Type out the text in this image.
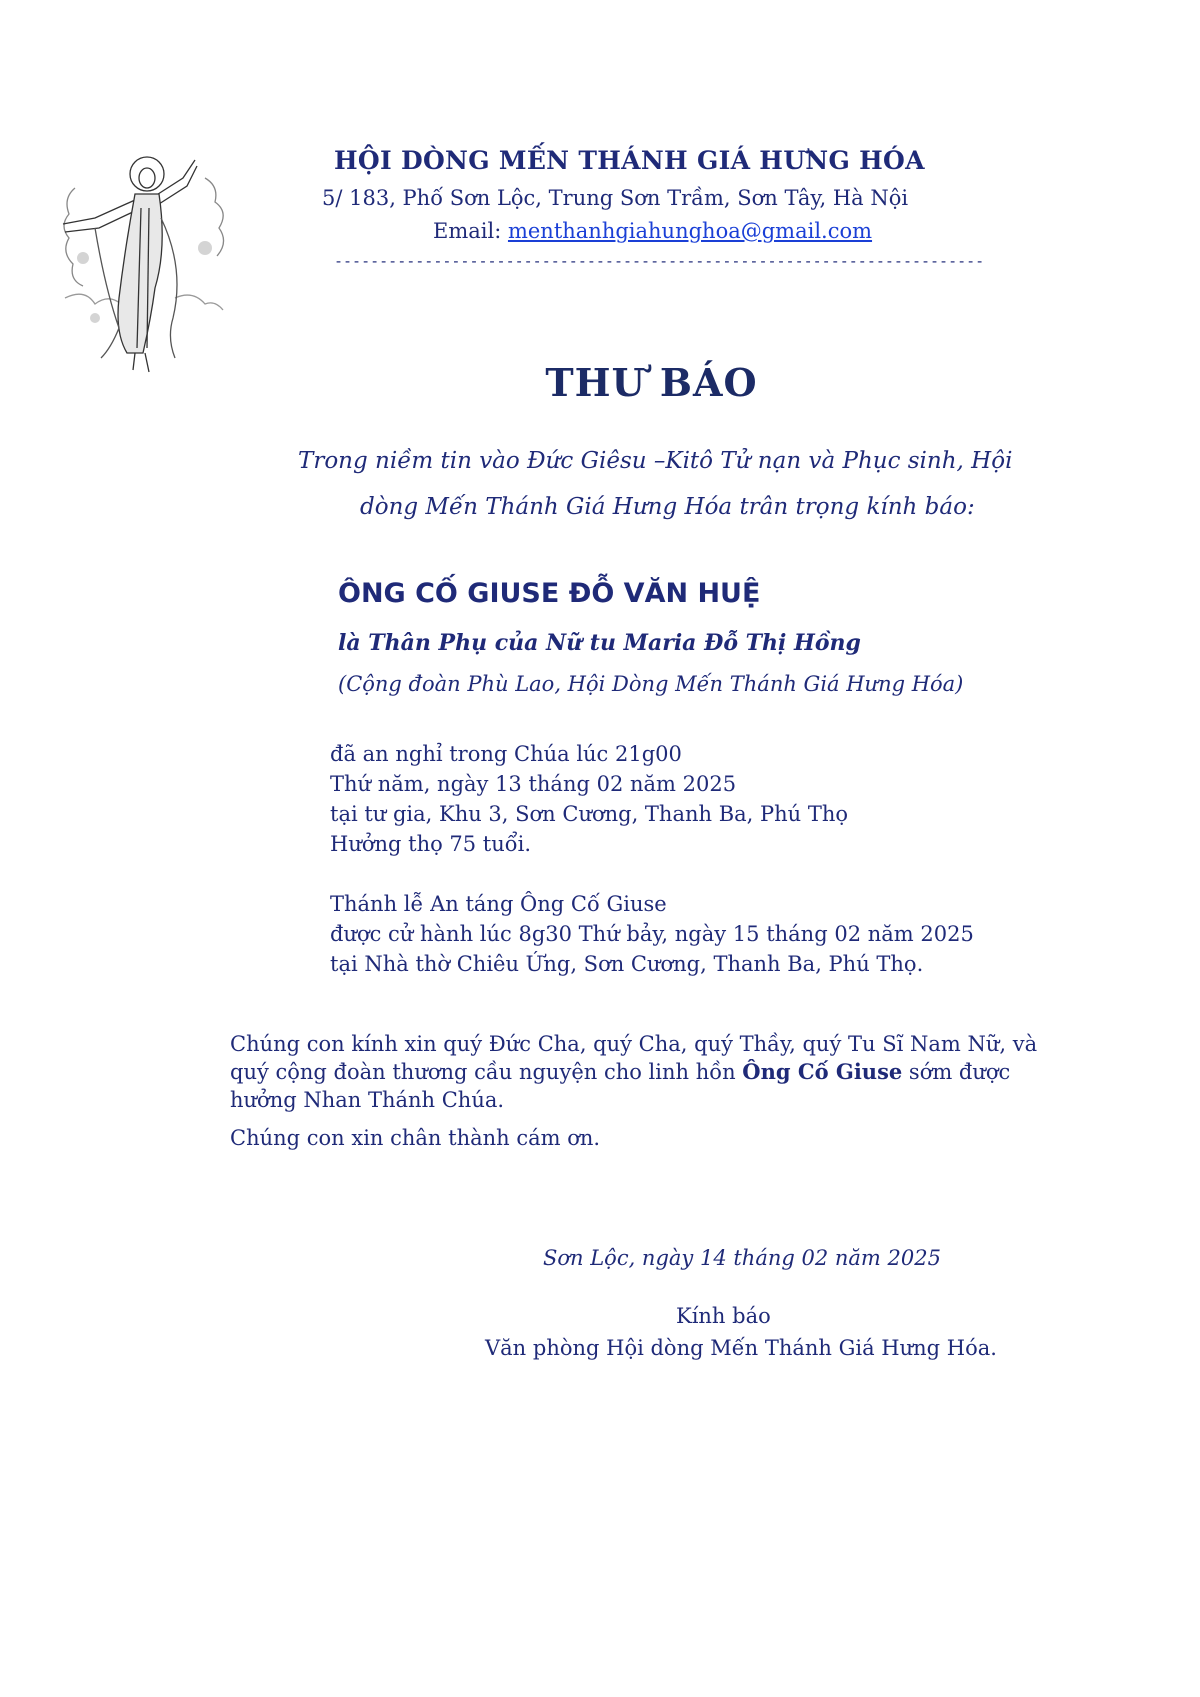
HỘI DÒNG MẾN THÁNH GIÁ HƯNG HÓA
5/ 183, Phố Sơn Lộc, Trung Sơn Trầm, Sơn Tây, Hà Nội
Email: menthanhgiahunghoa@gmail.com
------------------------------------------------------------------------
THƯ BÁO
Trong niềm tin vào Đức Giêsu –Kitô Tử nạn và Phục sinh, Hội
dòng Mến Thánh Giá Hưng Hóa trân trọng kính báo:
ÔNG CỐ GIUSE ĐỖ VĂN HUỆ
là Thân Phụ của Nữ tu Maria Đỗ Thị Hồng
(Cộng đoàn Phù Lao, Hội Dòng Mến Thánh Giá Hưng Hóa)
đã an nghỉ trong Chúa lúc 21g00
Thứ năm, ngày 13 tháng 02 năm 2025
tại tư gia, Khu 3, Sơn Cương, Thanh Ba, Phú Thọ
Hưởng thọ 75 tuổi.
Thánh lễ An táng Ông Cố Giuse
được cử hành lúc 8g30 Thứ bảy, ngày 15 tháng 02 năm 2025
tại Nhà thờ Chiêu Ứng, Sơn Cương, Thanh Ba, Phú Thọ.
Chúng con kính xin quý Đức Cha, quý Cha, quý Thầy, quý Tu Sĩ Nam Nữ, và quý cộng đoàn thương cầu nguyện cho linh hồn Ông Cố Giuse sớm được hưởng Nhan Thánh Chúa.
Chúng con xin chân thành cám ơn.
Sơn Lộc, ngày 14 tháng 02 năm 2025
Kính báo
Văn phòng Hội dòng Mến Thánh Giá Hưng Hóa.
